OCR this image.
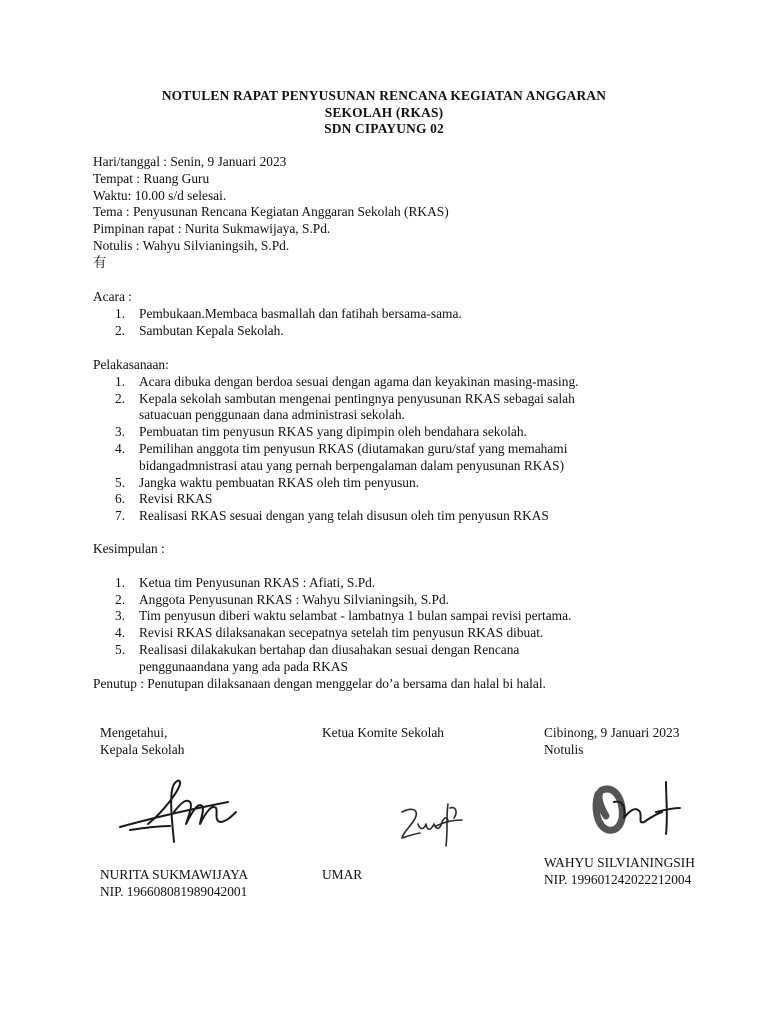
NOTULEN RAPAT PENYUSUNAN RENCANA KEGIATAN ANGGARAN
SEKOLAH (RKAS)
SDN CIPAYUNG 02
Hari/tanggal : Senin, 9 Januari 2023
Tempat : Ruang Guru
Waktu: 10.00 s/d selesai.
Tema : Penyusunan Rencana Kegiatan Anggaran Sekolah (RKAS)
Pimpinan rapat : Nurita Sukmawijaya, S.Pd.
Notulis : Wahyu Silvianingsih, S.Pd.
有
Acara :
1. Pembukaan.Membaca basmallah dan fatihah bersama-sama.
2. Sambutan Kepala Sekolah.
Pelakasanaan:
1. Acara dibuka dengan berdoa sesuai dengan agama dan keyakinan masing-masing.
2. Kepala sekolah sambutan mengenai pentingnya penyusunan RKAS sebagai salah
satuacuan penggunaan dana administrasi sekolah.
3. Pembuatan tim penyusun RKAS yang dipimpin oleh bendahara sekolah.
4. Pemilihan anggota tim penyusun RKAS (diutamakan guru/staf yang memahami
bidangadmnistrasi atau yang pernah berpengalaman dalam penyusunan RKAS)
5. Jangka waktu pembuatan RKAS oleh tim penyusun.
6. Revisi RKAS
7. Realisasi RKAS sesuai dengan yang telah disusun oleh tim penyusun RKAS
Kesimpulan :
1. Ketua tim Penyusunan RKAS : Afiati, S.Pd.
2. Anggota Penyusunan RKAS : Wahyu Silvianingsih, S.Pd.
3. Tim penyusun diberi waktu selambat - lambatnya 1 bulan sampai revisi pertama.
4. Revisi RKAS dilaksanakan secepatnya setelah tim penyusun RKAS dibuat.
5. Realisasi dilakakukan bertahap dan diusahakan sesuai dengan Rencana
penggunaandana yang ada pada RKAS
Penutup : Penutupan dilaksanaan dengan menggelar do’a bersama dan halal bi halal.
Mengetahui,
Kepala Sekolah
NURITA SUKMAWIJAYA
NIP. 196608081989042001
Ketua Komite Sekolah
UMAR
Cibinong, 9 Januari 2023
Notulis
WAHYU SILVIANINGSIH
NIP. 199601242022212004
